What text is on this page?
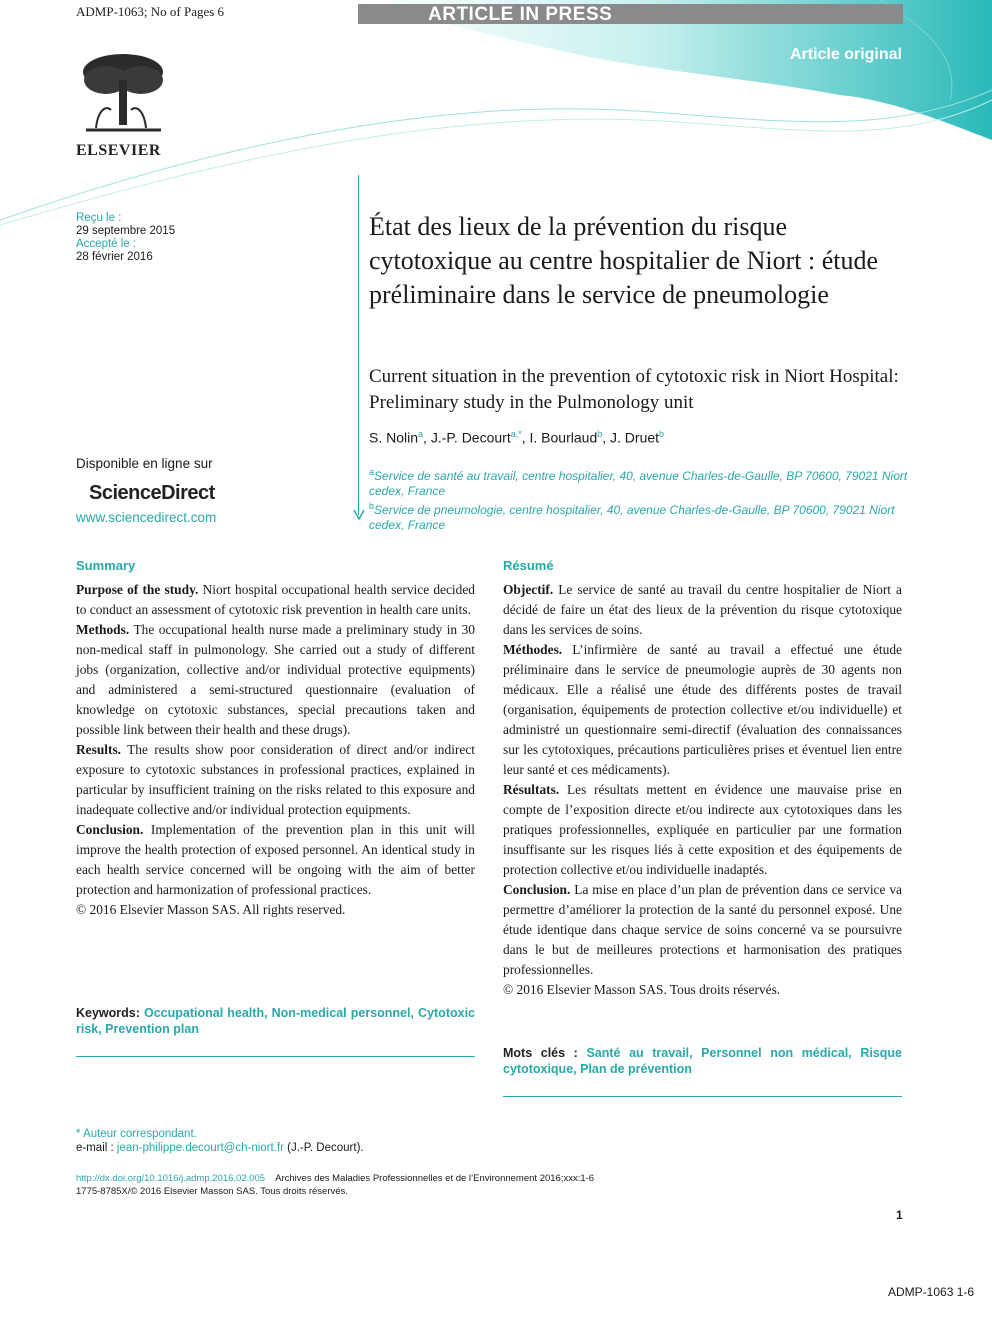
ARTICLE IN PRESS
ADMP-1063; No of Pages 6
Article original
ELSEVIER
Reçu le :
29 septembre 2015
Accepté le :
28 février 2016
État des lieux de la prévention du risque cytotoxique au centre hospitalier de Niort : étude préliminaire dans le service de pneumologie
Current situation in the prevention of cytotoxic risk in Niort Hospital: Preliminary study in the Pulmonology unit
S. Nolin$^a$, J.-P. Decourt$^{a,*}$, I. Bourlaud$^b$, J. Druet$^b$
$^a$Service de santé au travail, centre hospitalier, 40, avenue Charles-de-Gaulle, BP 70600, 79021 Niort cedex, France
$^b$Service de pneumologie, centre hospitalier, 40, avenue Charles-de-Gaulle, BP 70600, 79021 Niort cedex, France
Disponible en ligne sur
ScienceDirect
www.sciencedirect.com
Summary

Purpose of the study. Niort hospital occupational health service decided to conduct an assessment of cytotoxic risk prevention in health care units.

Methods. The occupational health nurse made a preliminary study in 30 non-medical staff in pulmonology. She carried out a study of different jobs (organization, collective and/or individual protective equipments) and administered a semi-structured questionnaire (evaluation of knowledge on cytotoxic substances, special precautions taken and possible link between their health and these drugs).

Results. The results show poor consideration of direct and/or indirect exposure to cytotoxic substances in professional practices, explained in particular by insufficient training on the risks related to this exposure and inadequate collective and/or individual protection equipments.

Conclusion. Implementation of the prevention plan in this unit will improve the health protection of exposed personnel. An identical study in each health service concerned will be ongoing with the aim of better protection and harmonization of professional practices.

© 2016 Elsevier Masson SAS. All rights reserved.

Keywords: Occupational health, Non-medical personnel, Cytotoxic risk, Prevention plan
Résumé

Objectif. Le service de santé au travail du centre hospitalier de Niort a décidé de faire un état des lieux de la prévention du risque cytotoxique dans les services de soins.

Méthodes. L’infirmière de santé au travail a effectué une étude préliminaire dans le service de pneumologie auprès de 30 agents non médicaux. Elle a réalisé une étude des différents postes de travail (organisation, équipements de protection collective et/ou individuelle) et administré un questionnaire semi-directif (évaluation des connaissances sur les cytotoxiques, précautions particulières prises et éventuel lien entre leur santé et ces médicaments).

Résultats. Les résultats mettent en évidence une mauvaise prise en compte de l’exposition directe et/ou indirecte aux cytotoxiques dans les pratiques professionnelles, expliquée en particulier par une formation insuffisante sur les risques liés à cette exposition et des équipements de protection collective et/ou individuelle inadaptés.

Conclusion. La mise en place d’un plan de prévention dans ce service va permettre d’améliorer la protection de la santé du personnel exposé. Une étude identique dans chaque service de soins concerné va se poursuivre dans le but de meilleures protections et harmonisation des pratiques professionnelles.

© 2016 Elsevier Masson SAS. Tous droits réservés.

Mots clés : Santé au travail, Personnel non médical, Risque cytotoxique, Plan de prévention
* Auteur correspondant.
e-mail : jean-philippe.decourt@ch-niort.fr (J.-P. Decourt).
http://dx.doi.org/10.1016/j.admp.2016.02.005 Archives des Maladies Professionnelles et de l’Environnement 2016;xxx:1-6
1775-8785X/© 2016 Elsevier Masson SAS. Tous droits réservés.
1
ADMP-1063 1-6
